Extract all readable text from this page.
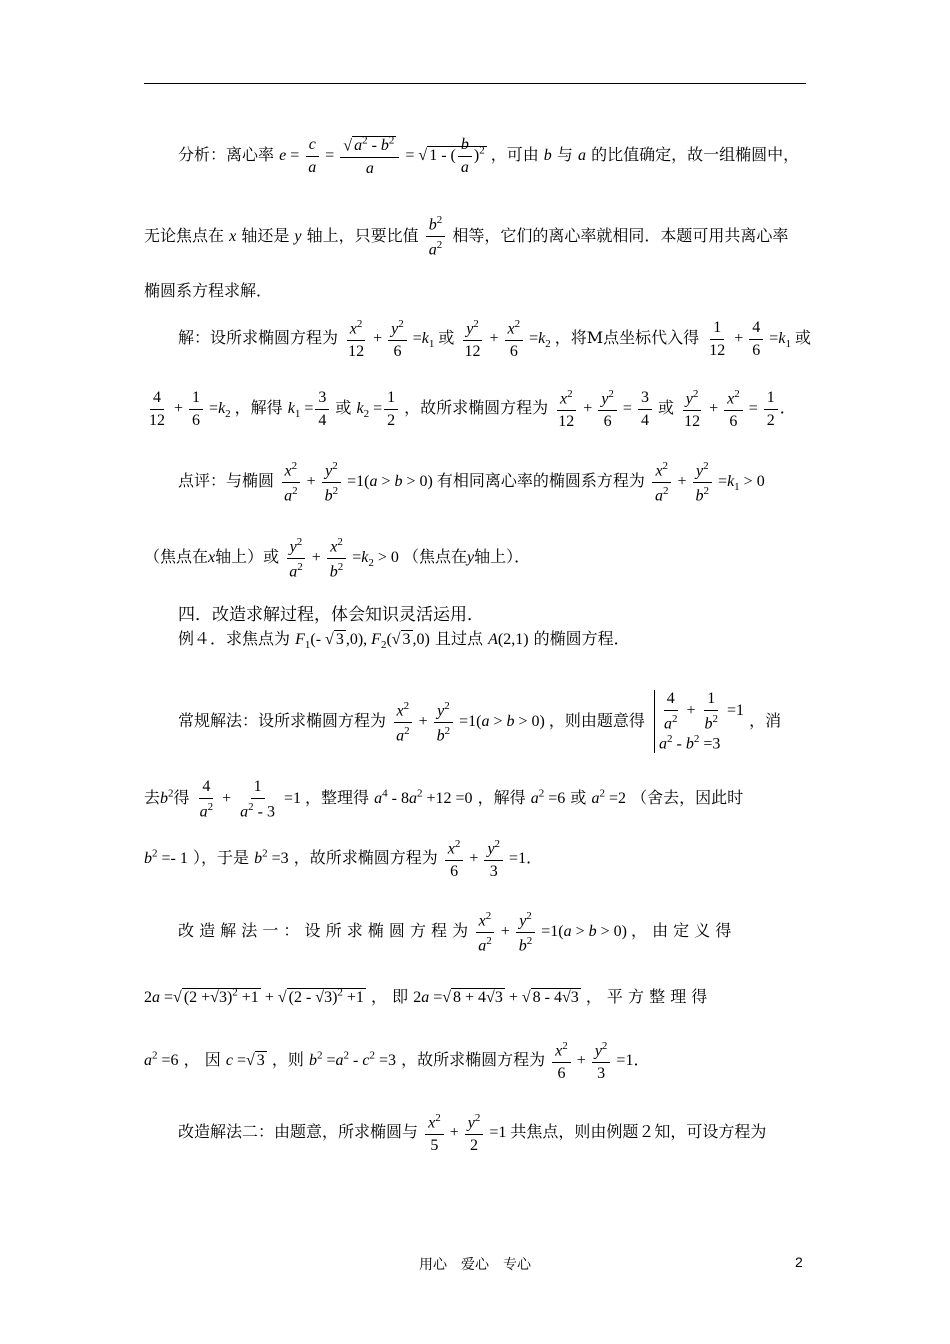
分析：离心率 $e = \frac{c}{a} = \frac{√ a^2 - b^2}{a}$ = √ 1 - ( $\frac{b}{a} )^2$ ，可由 b 与 a 的比值确定，故一组椭圆中，
无论焦点在 x 轴还是 y 轴上，只要比值 $\frac{b^2}{a^2}$ 相等，它们的离心率就相同．本题可用共离心率
椭圆系方程求解．
解：设所求椭圆方程为 $\frac{x^2}{12} + \frac{y^2}{6} =k_1$ 或 $\frac{y^2}{12} + \frac{x^2}{6} =k_2$ ，将M点坐标代入得 $\frac{1}{12} + \frac{4}{6} =k_1$ 或
$\frac{4}{12} + \frac{1}{6} =k_2$ ，解得 $k_1 = \frac{3}{4}$ 或 $k_2 = \frac{1}{2}$ ，故所求椭圆方程为 $\frac{x^2}{12} + \frac{y^2}{6} = \frac{3}{4}$ 或 $\frac{y^2}{12} + \frac{x^2}{6} = \frac{1}{2}$ ．
点评：与椭圆 $\frac{x^2}{a^2} + \frac{y^2}{b^2} =1(a > b > 0)$ 有相同离心率的椭圆系方程为 $\frac{x^2}{a^2} + \frac{y^2}{b^2} =k_1 > 0$
（焦点在x轴上）或 $\frac{y^2}{a^2} + \frac{x^2}{b^2} =k_2 > 0$ （焦点在y轴上）．
四．改造求解过程，体会知识灵活运用．
例４．求焦点为 $F_1(-$ √ 3 ,0), $F_2(√$ 3 ,0) 且过点 A(2,1) 的椭圆方程．
常规解法：设所求椭圆方程为 $\frac{x^2}{a^2} + \frac{y^2}{b^2} =1(a > b > 0)$ ，则由题意得 $\frac{4}{a^2} + \frac{1}{b^2} =1$
$a^2 - b^2 =3$
，消
去$b^2$得 $\frac{4}{a^2} + \frac{1}{a^2 - 3} =1$ ，整理得 $a^4 - 8a^2 +12 =0$ ，解得 $a^2 =6$ 或 $a^2 =2$ （舍去，因此时
$b^2 =- 1$ ），于是 $b^2 =3$ ，故所求椭圆方程为 $\frac{x^2}{6} + \frac{y^2}{3} =1$．
改 造 解 法 一 ： 设 所 求 椭 圆 方 程 为 $\frac{x^2}{a^2} + \frac{y^2}{b^2} =1(a > b > 0)$ ， 由 定 义 得
2a =√ $(2 +√3)^2 +1$ + √ (2 - √3)$^2$ +1 ， 即 2a =√ 8 + 4√3 + √ 8 - 4√3 ， 平 方 整 理 得
$a^2 =6$ ， 因 c =√ 3 ，则 $b^2 =a^2 - c^2 =3$ ，故所求椭圆方程为 $\frac{x^2}{6} + \frac{y^2}{3} =1$．
改造解法二：由题意，所求椭圆与 $\frac{x^2}{5} + \frac{y^2}{2} =1$ 共焦点，则由例题２知，可设方程为
用心　爱心　专心	2
